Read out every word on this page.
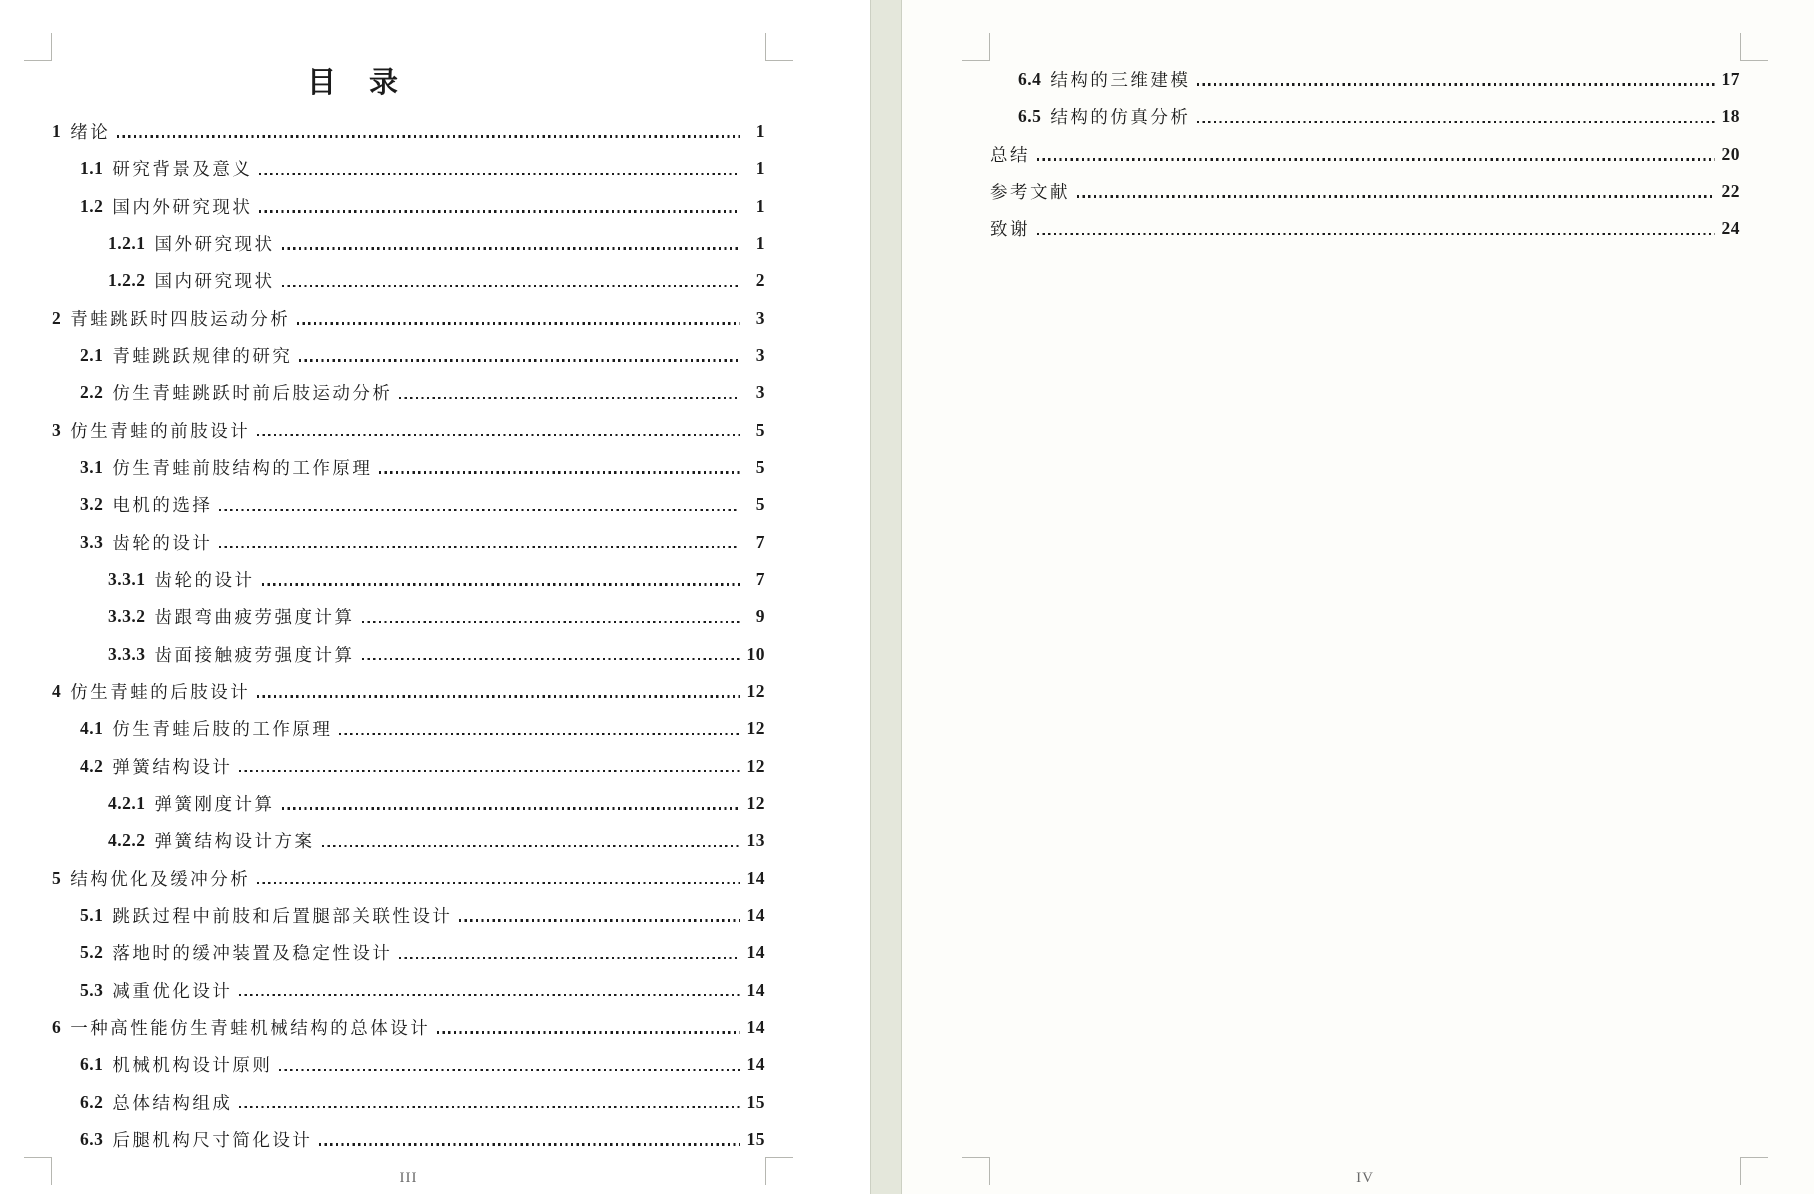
目　录
1 绪论	1
1.1 研究背景及意义	1
1.2 国内外研究现状	1
1.2.1 国外研究现状	1
1.2.2 国内研究现状	2
2 青蛙跳跃时四肢运动分析	3
2.1 青蛙跳跃规律的研究	3
2.2 仿生青蛙跳跃时前后肢运动分析	3
3 仿生青蛙的前肢设计	5
3.1 仿生青蛙前肢结构的工作原理	5
3.2 电机的选择	5
3.3 齿轮的设计	7
3.3.1 齿轮的设计	7
3.3.2 齿跟弯曲疲劳强度计算	9
3.3.3 齿面接触疲劳强度计算	10
4 仿生青蛙的后肢设计	12
4.1 仿生青蛙后肢的工作原理	12
4.2 弹簧结构设计	12
4.2.1 弹簧刚度计算	12
4.2.2 弹簧结构设计方案	13
5 结构优化及缓冲分析	14
5.1 跳跃过程中前肢和后置腿部关联性设计	14
5.2 落地时的缓冲装置及稳定性设计	14
5.3 减重优化设计	14
6 一种高性能仿生青蛙机械结构的总体设计	14
6.1 机械机构设计原则	14
6.2 总体结构组成	15
6.3 后腿机构尺寸简化设计	15
III
6.4 结构的三维建模	17
6.5 结构的仿真分析	18
总结	20
参考文献	22
致谢	24
IV
